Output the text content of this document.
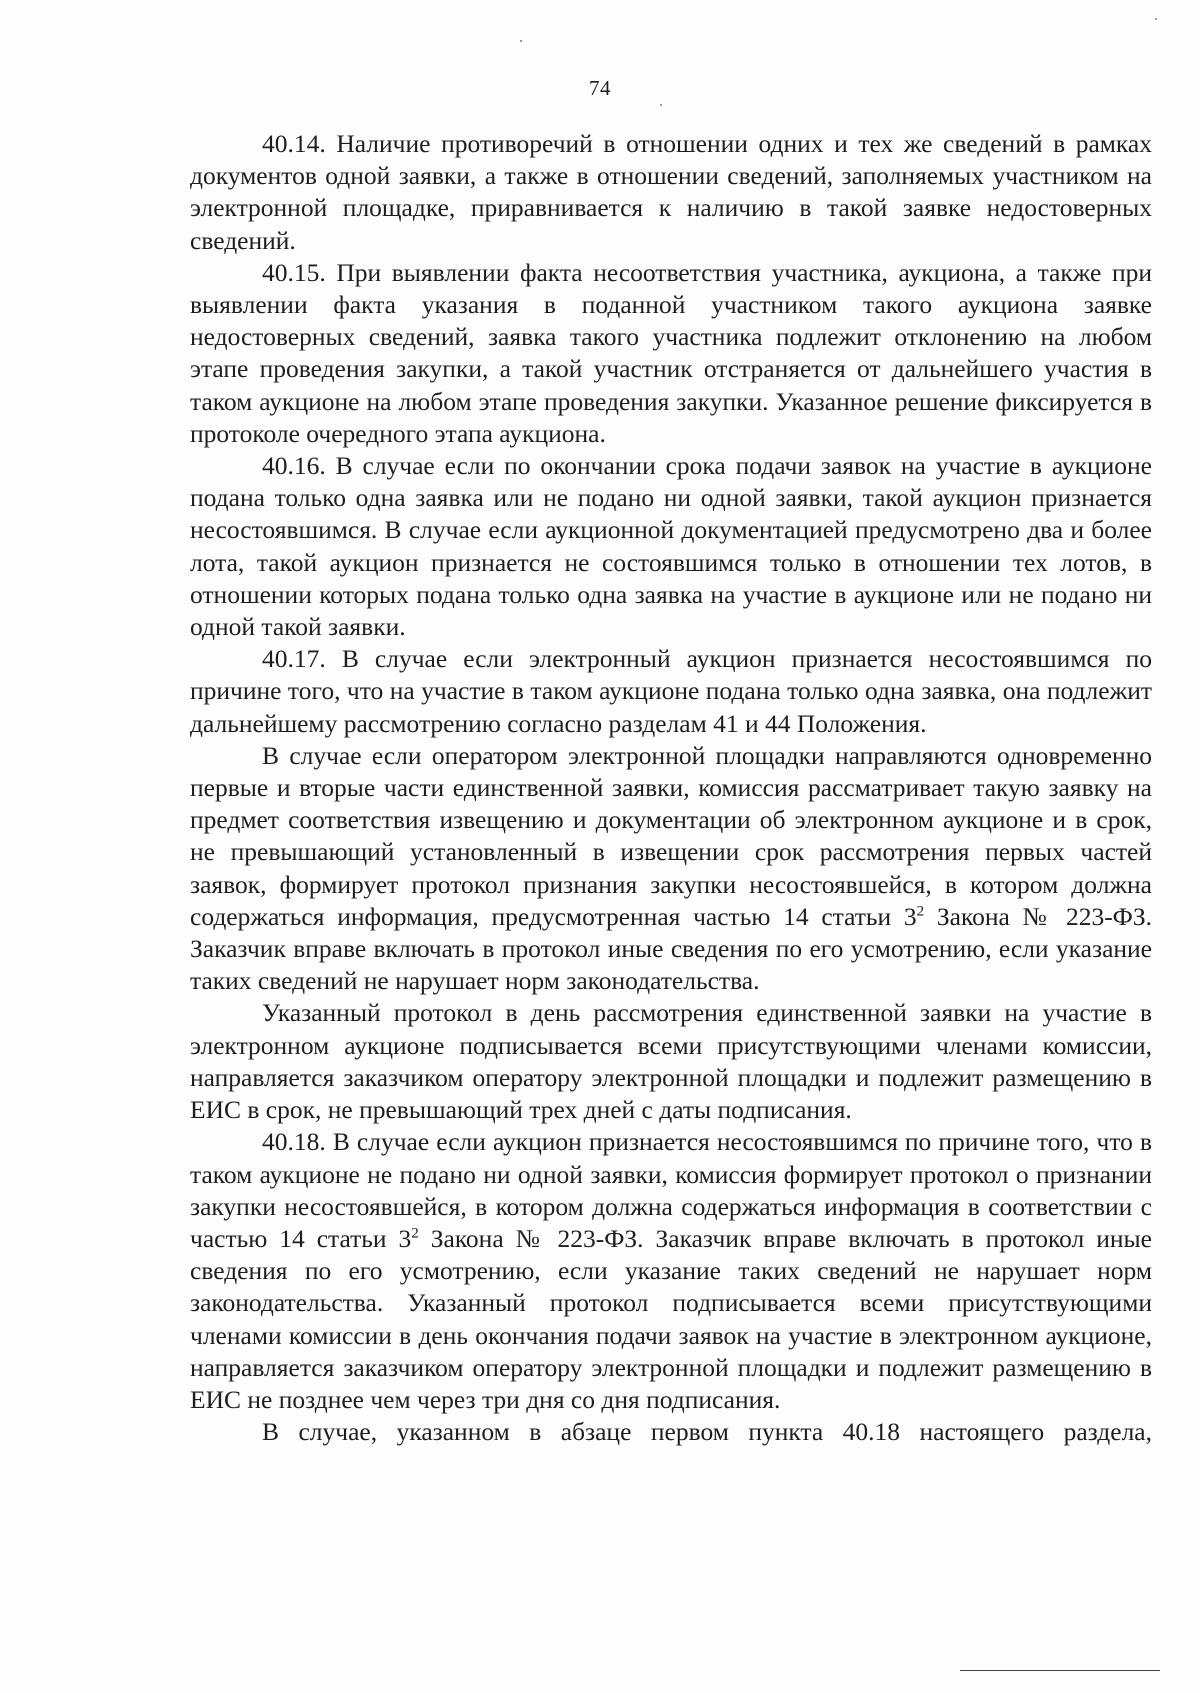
74

40.14. Наличие противоречий в отношении одних и тех же сведений в рамках документов одной заявки, а также в отношении сведений, заполняемых участником на электронной площадке, приравнивается к наличию в такой заявке недостоверных сведений.

40.15. При выявлении факта несоответствия участника, аукциона, а также при выявлении факта указания в поданной участником такого аукциона заявке недостоверных сведений, заявка такого участника подлежит отклонению на любом этапе проведения закупки, а такой участник отстраняется от дальнейшего участия в таком аукционе на любом этапе проведения закупки. Указанное решение фиксируется в протоколе очередного этапа аукциона.

40.16. В случае если по окончании срока подачи заявок на участие в аукционе подана только одна заявка или не подано ни одной заявки, такой аукцион признается несостоявшимся. В случае если аукционной документацией предусмотрено два и более лота, такой аукцион признается не состоявшимся только в отношении тех лотов, в отношении которых подана только одна заявка на участие в аукционе или не подано ни одной такой заявки.

40.17. В случае если электронный аукцион признается несостоявшимся по причине того, что на участие в таком аукционе подана только одна заявка, она подлежит дальнейшему рассмотрению согласно разделам 41 и 44 Положения.

В случае если оператором электронной площадки направляются одновременно первые и вторые части единственной заявки, комиссия рассматривает такую заявку на предмет соответствия извещению и документации об электронном аукционе и в срок, не превышающий установленный в извещении срок рассмотрения первых частей заявок, формирует протокол признания закупки несостоявшейся, в котором должна содержаться информация, предусмотренная частью 14 статьи $3^2$ Закона № 223-ФЗ. Заказчик вправе включать в протокол иные сведения по его усмотрению, если указание таких сведений не нарушает норм законодательства.

Указанный протокол в день рассмотрения единственной заявки на участие в электронном аукционе подписывается всеми присутствующими членами комиссии, направляется заказчиком оператору электронной площадки и подлежит размещению в ЕИС в срок, не превышающий трех дней с даты подписания.

40.18. В случае если аукцион признается несостоявшимся по причине того, что в таком аукционе не подано ни одной заявки, комиссия формирует протокол о признании закупки несостоявшейся, в котором должна содержаться информация в соответствии с частью 14 статьи $3^2$ Закона № 223-ФЗ. Заказчик вправе включать в протокол иные сведения по его усмотрению, если указание таких сведений не нарушает норм законодательства. Указанный протокол подписывается всеми присутствующими членами комиссии в день окончания подачи заявок на участие в электронном аукционе, направляется заказчиком оператору электронной площадки и подлежит размещению в ЕИС не позднее чем через три дня со дня подписания.

В случае, указанном в абзаце первом пункта 40.18 настоящего раздела,
